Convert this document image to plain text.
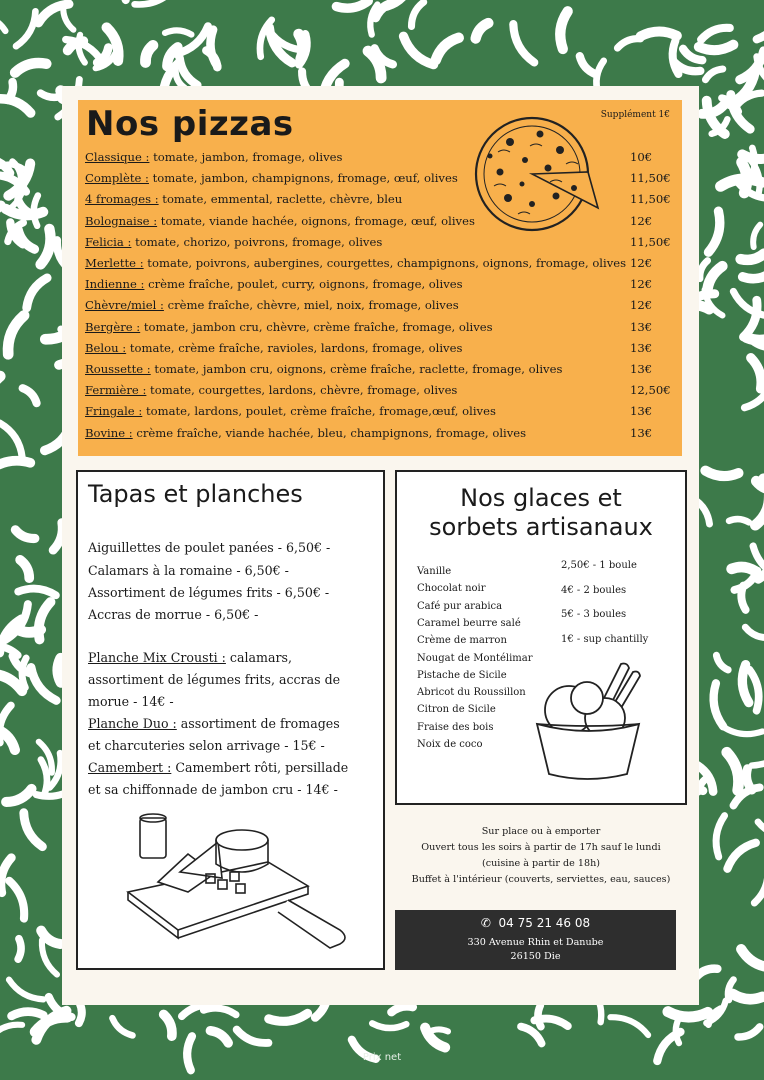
Nos pizzas	Supplément 1€
Classique : tomate, jambon, fromage, olives	10€
Complète : tomate, jambon, champignons, fromage, œuf, olives	11,50€
4 fromages : tomate, emmental, raclette, chèvre, bleu	11,50€
Bolognaise : tomate, viande hachée, oignons, fromage, œuf, olives	12€
Felicia : tomate, chorizo, poivrons, fromage, olives	11,50€
Merlette : tomate, poivrons, aubergines, courgettes, champignons, oignons, fromage, olives 12€
Indienne : crème fraîche, poulet, curry, oignons, fromage, olives	12€
Chèvre/miel : crème fraîche, chèvre, miel, noix, fromage, olives	12€
Bergère : tomate, jambon cru, chèvre, crème fraîche, fromage, olives	13€
Belou : tomate, crème fraîche, ravioles, lardons, fromage, olives	13€
Roussette : tomate, jambon cru, oignons, crème fraîche, raclette, fromage, olives	13€
Fermière : tomate, courgettes, lardons, chèvre, fromage, olives	12,50€
Fringale : tomate, lardons, poulet, crème fraîche, fromage,œuf, olives	13€
Bovine : crème fraîche, viande hachée, bleu, champignons, fromage, olives	13€
Tapas et planches
Aiguillettes de poulet panées - 6,50€ -
Calamars à la romaine - 6,50€ -
Assortiment de légumes frits - 6,50€ -
Accras de morrue - 6,50€ -
Planche Mix Crousti : calamars,
assortiment de légumes frits, accras de
morue - 14€ -
Planche Duo : assortiment de fromages
et charcuteries selon arrivage - 15€ -
Camembert : Camembert rôti, persillade
et sa chiffonnade de jambon cru - 14€ -
Nos glaces et
sorbets artisanaux
Vanille
Chocolat noir
Café pur arabica
Caramel beurre salé
Crème de marron
Nougat de Montélimar
Pistache de Sicile
Abricot du Roussillon
Citron de Sicile
Fraise des bois
Noix de coco
2,50€ - 1 boule
4€ - 2 boules
5€ - 3 boules
1€ - sup chantilly
Sur place ou à emporter
Ouvert tous les soirs à partir de 17h sauf le lundi
(cuisine à partir de 18h)
Buffet à l'intérieur (couverts, serviettes, eau, sauces)
✆ 04 75 21 46 08
330 Avenue Rhin et Danube
26150 Die
Prix net
